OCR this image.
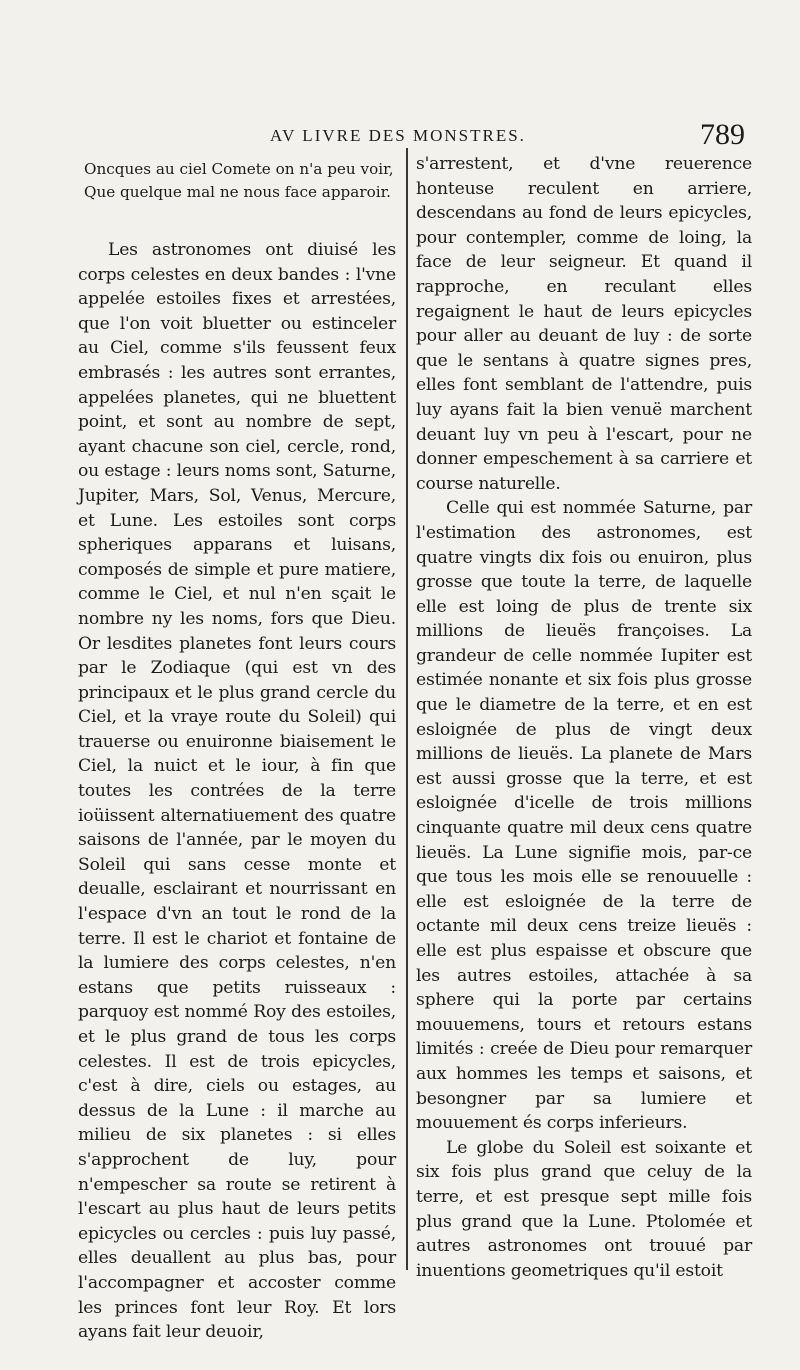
AV LIVRE DES MONSTRES.	789
Oncques au ciel Comete on n'a peu voir,
Que quelque mal ne nous face apparoir.

Les astronomes ont diuisé les corps celestes en deux bandes : l'vne appelée estoiles fixes et arrestées, que l'on voit bluetter ou estinceler au Ciel, comme s'ils feussent feux embrasés : les autres sont errantes, appelées planetes, qui ne bluettent point, et sont au nombre de sept, ayant chacune son ciel, cercle, rond, ou estage : leurs noms sont, Saturne, Jupiter, Mars, Sol, Venus, Mercure, et Lune. Les estoiles sont corps spheriques apparans et luisans, composés de simple et pure matiere, comme le Ciel, et nul n'en sçait le nombre ny les noms, fors que Dieu. Or lesdites planetes font leurs cours par le Zodiaque (qui est vn des principaux et le plus grand cercle du Ciel, et la vraye route du Soleil) qui trauerse ou enuironne biaisement le Ciel, la nuict et le iour, à fin que toutes les contrées de la terre ioüissent alternatiuement des quatre saisons de l'année, par le moyen du Soleil qui sans cesse monte et deualle, esclairant et nourrissant en l'espace d'vn an tout le rond de la terre. Il est le chariot et fontaine de la lumiere des corps celestes, n'en estans que petits ruisseaux : parquoy est nommé Roy des estoiles, et le plus grand de tous les corps celestes. Il est de trois epicycles, c'est à dire, ciels ou estages, au dessus de la Lune : il marche au milieu de six planetes : si elles s'approchent de luy, pour n'empescher sa route se retirent à l'escart au plus haut de leurs petits epicycles ou cercles : puis luy passé, elles deuallent au plus bas, pour l'accompagner et accoster comme les princes font leur Roy. Et lors ayans fait leur deuoir,

s'arrestent, et d'vne reuerence honteuse reculent en arriere, descendans au fond de leurs epicycles, pour contempler, comme de loing, la face de leur seigneur. Et quand il rapproche, en reculant elles regaignent le haut de leurs epicycles pour aller au deuant de luy : de sorte que le sentans à quatre signes pres, elles font semblant de l'attendre, puis luy ayans fait la bien venuë marchent deuant luy vn peu à l'escart, pour ne donner empeschement à sa carriere et course naturelle.

Celle qui est nommée Saturne, par l'estimation des astronomes, est quatre vingts dix fois ou enuiron, plus grosse que toute la terre, de laquelle elle est loing de plus de trente six millions de lieuës françoises. La grandeur de celle nommée Iupiter est estimée nonante et six fois plus grosse que le diametre de la terre, et en est esloignée de plus de vingt deux millions de lieuës. La planete de Mars est aussi grosse que la terre, et est esloignée d'icelle de trois millions cinquante quatre mil deux cens quatre lieuës. La Lune signifie mois, par-ce que tous les mois elle se renouuelle : elle est esloignée de la terre de octante mil deux cens treize lieuës : elle est plus espaisse et obscure que les autres estoiles, attachée à sa sphere qui la porte par certains mouuemens, tours et retours estans limités : creée de Dieu pour remarquer aux hommes les temps et saisons, et besongner par sa lumiere et mouuement és corps inferieurs.

Le globe du Soleil est soixante et six fois plus grand que celuy de la terre, et est presque sept mille fois plus grand que la Lune. Ptolomée et autres astronomes ont trouué par inuentions geometriques qu'il estoit
